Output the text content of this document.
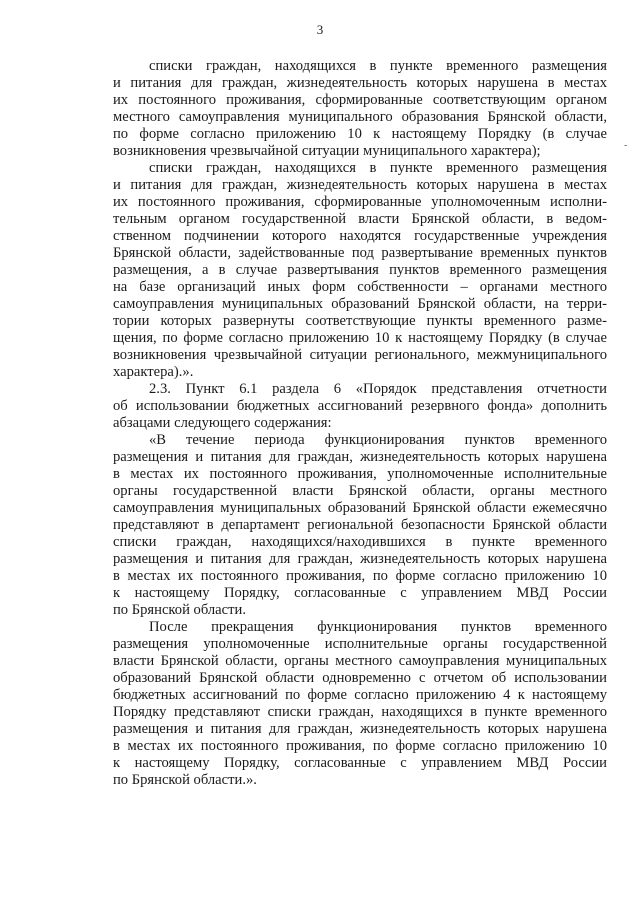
3
-
списки граждан, находящихся в пункте временного размещения
и питания для граждан, жизнедеятельность которых нарушена в местах
их постоянного проживания, сформированные соответствующим органом
местного самоуправления муниципального образования Брянской области,
по форме согласно приложению 10 к настоящему Порядку (в случае
возникновения чрезвычайной ситуации муниципального характера);
списки граждан, находящихся в пункте временного размещения
и питания для граждан, жизнедеятельность которых нарушена в местах
их постоянного проживания, сформированные уполномоченным исполни-
тельным органом государственной власти Брянской области, в ведом-
ственном подчинении которого находятся государственные учреждения
Брянской области, задействованные под развертывание временных пунктов
размещения, а в случае развертывания пунктов временного размещения
на базе организаций иных форм собственности – органами местного
самоуправления муниципальных образований Брянской области, на терри-
тории которых развернуты соответствующие пункты временного разме-
щения, по форме согласно приложению 10 к настоящему Порядку (в случае
возникновения чрезвычайной ситуации регионального, межмуниципального
характера).».
2.3. Пункт 6.1 раздела 6 «Порядок представления отчетности
об использовании бюджетных ассигнований резервного фонда» дополнить
абзацами следующего содержания:
«В течение периода функционирования пунктов временного
размещения и питания для граждан, жизнедеятельность которых нарушена
в местах их постоянного проживания, уполномоченные исполнительные
органы государственной власти Брянской области, органы местного
самоуправления муниципальных образований Брянской области ежемесячно
представляют в департамент региональной безопасности Брянской области
списки граждан, находящихся/находившихся в пункте временного
размещения и питания для граждан, жизнедеятельность которых нарушена
в местах их постоянного проживания, по форме согласно приложению 10
к настоящему Порядку, согласованные с управлением МВД России
по Брянской области.
После прекращения функционирования пунктов временного
размещения уполномоченные исполнительные органы государственной
власти Брянской области, органы местного самоуправления муниципальных
образований Брянской области одновременно с отчетом об использовании
бюджетных ассигнований по форме согласно приложению 4 к настоящему
Порядку представляют списки граждан, находящихся в пункте временного
размещения и питания для граждан, жизнедеятельность которых нарушена
в местах их постоянного проживания, по форме согласно приложению 10
к настоящему Порядку, согласованные с управлением МВД России
по Брянской области.».
